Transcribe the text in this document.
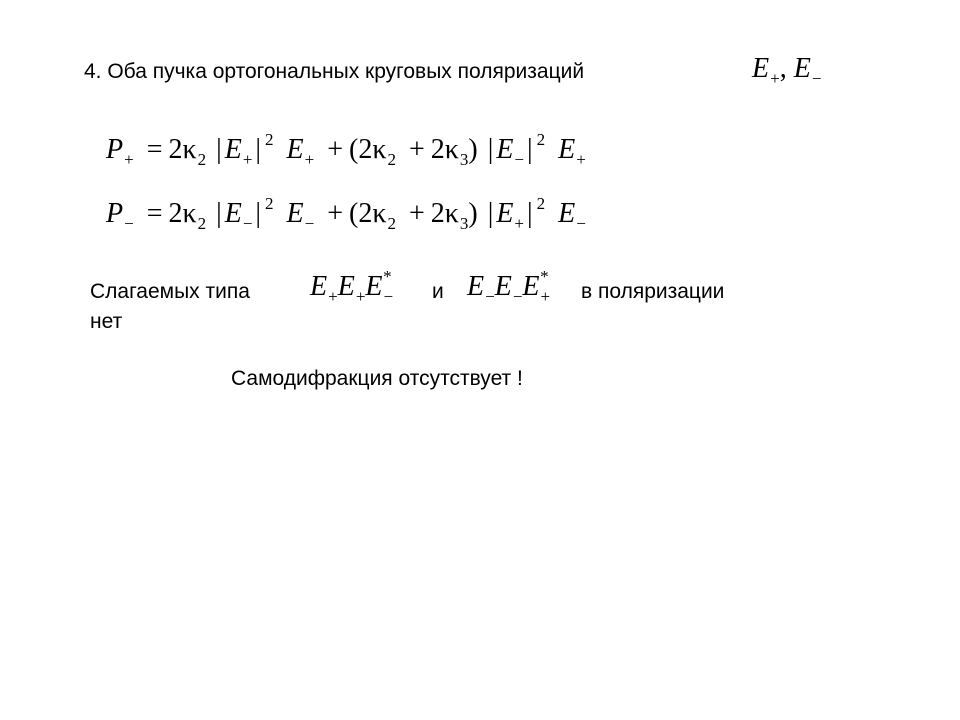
4. Оба пучка ортогональных круговых поляризаций	$E_+$, $E_-$
$P_+ = 2\kappa_2$ | $E_+$ | $^2$ $E_+ + (2\kappa_2 + 2\kappa_3)$ | $E_-$ | $^2$ $E_+$
$P_- = 2\kappa_2$ | $E_-$ | $^2$ $E_- + (2\kappa_2 + 2\kappa_3)$ | $E_+$ | $^2$ $E_-$
Слагаемых типа $E_+E_+E_-^*$
и $E_-E_-E_+^*$
в поляризации
нет
Самодифракция отсутствует !
